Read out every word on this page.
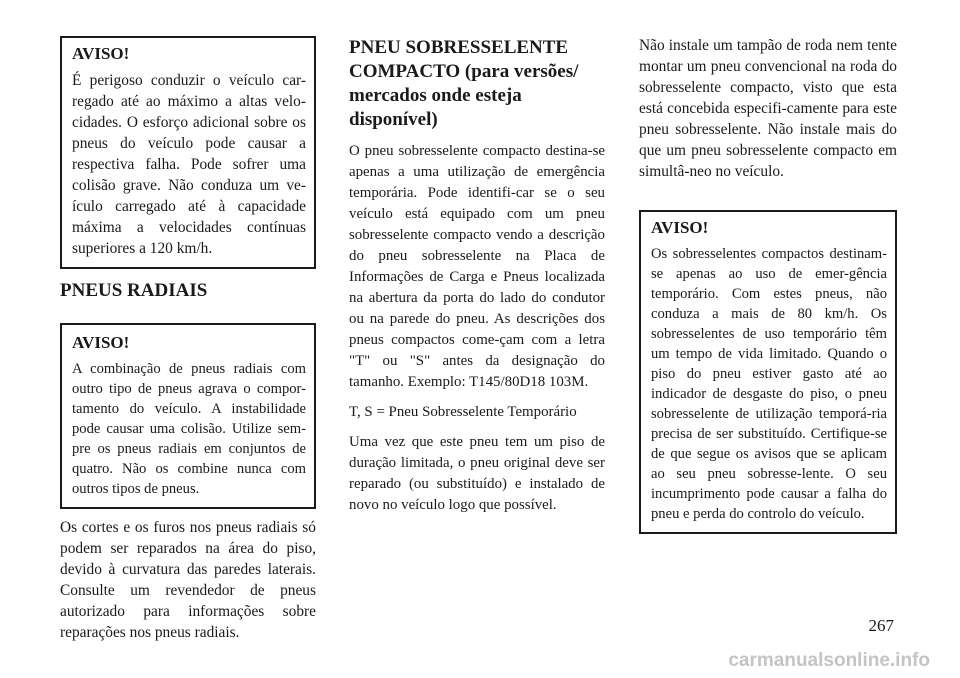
AVISO!

É perigoso conduzir o veículo car-regado até ao máximo a altas velo-cidades. O esforço adicional sobre os pneus do veículo pode causar a respectiva falha. Pode sofrer uma colisão grave. Não conduza um ve-ículo carregado até à capacidade máxima a velocidades contínuas superiores a 120 km/h.

PNEUS RADIAIS

AVISO!

A combinação de pneus radiais com outro tipo de pneus agrava o compor-tamento do veículo. A instabilidade pode causar uma colisão. Utilize sem-pre os pneus radiais em conjuntos de quatro. Não os combine nunca com outros tipos de pneus.

Os cortes e os furos nos pneus radiais só podem ser reparados na área do piso, devido à curvatura das paredes laterais. Consulte um revendedor de pneus autorizado para informações sobre reparações nos pneus radiais.

PNEU SOBRESSELENTE COMPACTO (para versões/ mercados onde esteja disponível)

O pneu sobresselente compacto destina-se apenas a uma utilização de emergência temporária. Pode identifi-car se o seu veículo está equipado com um pneu sobresselente compacto vendo a descrição do pneu sobresselente na Placa de Informações de Carga e Pneus localizada na abertura da porta do lado do condutor ou na parede do pneu. As descrições dos pneus compactos come-çam com a letra "T" ou "S" antes da designação do tamanho. Exemplo: T145/80D18 103M.

T, S = Pneu Sobresselente Temporário

Uma vez que este pneu tem um piso de duração limitada, o pneu original deve ser reparado (ou substituído) e instalado de novo no veículo logo que possível.

Não instale um tampão de roda nem tente montar um pneu convencional na roda do sobresselente compacto, visto que esta está concebida especifi-camente para este pneu sobresselente. Não instale mais do que um pneu sobresselente compacto em simultâ-neo no veículo.

AVISO!

Os sobresselentes compactos destinam-se apenas ao uso de emer-gência temporário. Com estes pneus, não conduza a mais de 80 km/h. Os sobresselentes de uso temporário têm um tempo de vida limitado. Quando o piso do pneu estiver gasto até ao indicador de desgaste do piso, o pneu sobresselente de utilização temporá-ria precisa de ser substituído. Certifique-se de que segue os avisos que se aplicam ao seu pneu sobresse-lente. O seu incumprimento pode causar a falha do pneu e perda do controlo do veículo.

267
carmanualsonline.info
